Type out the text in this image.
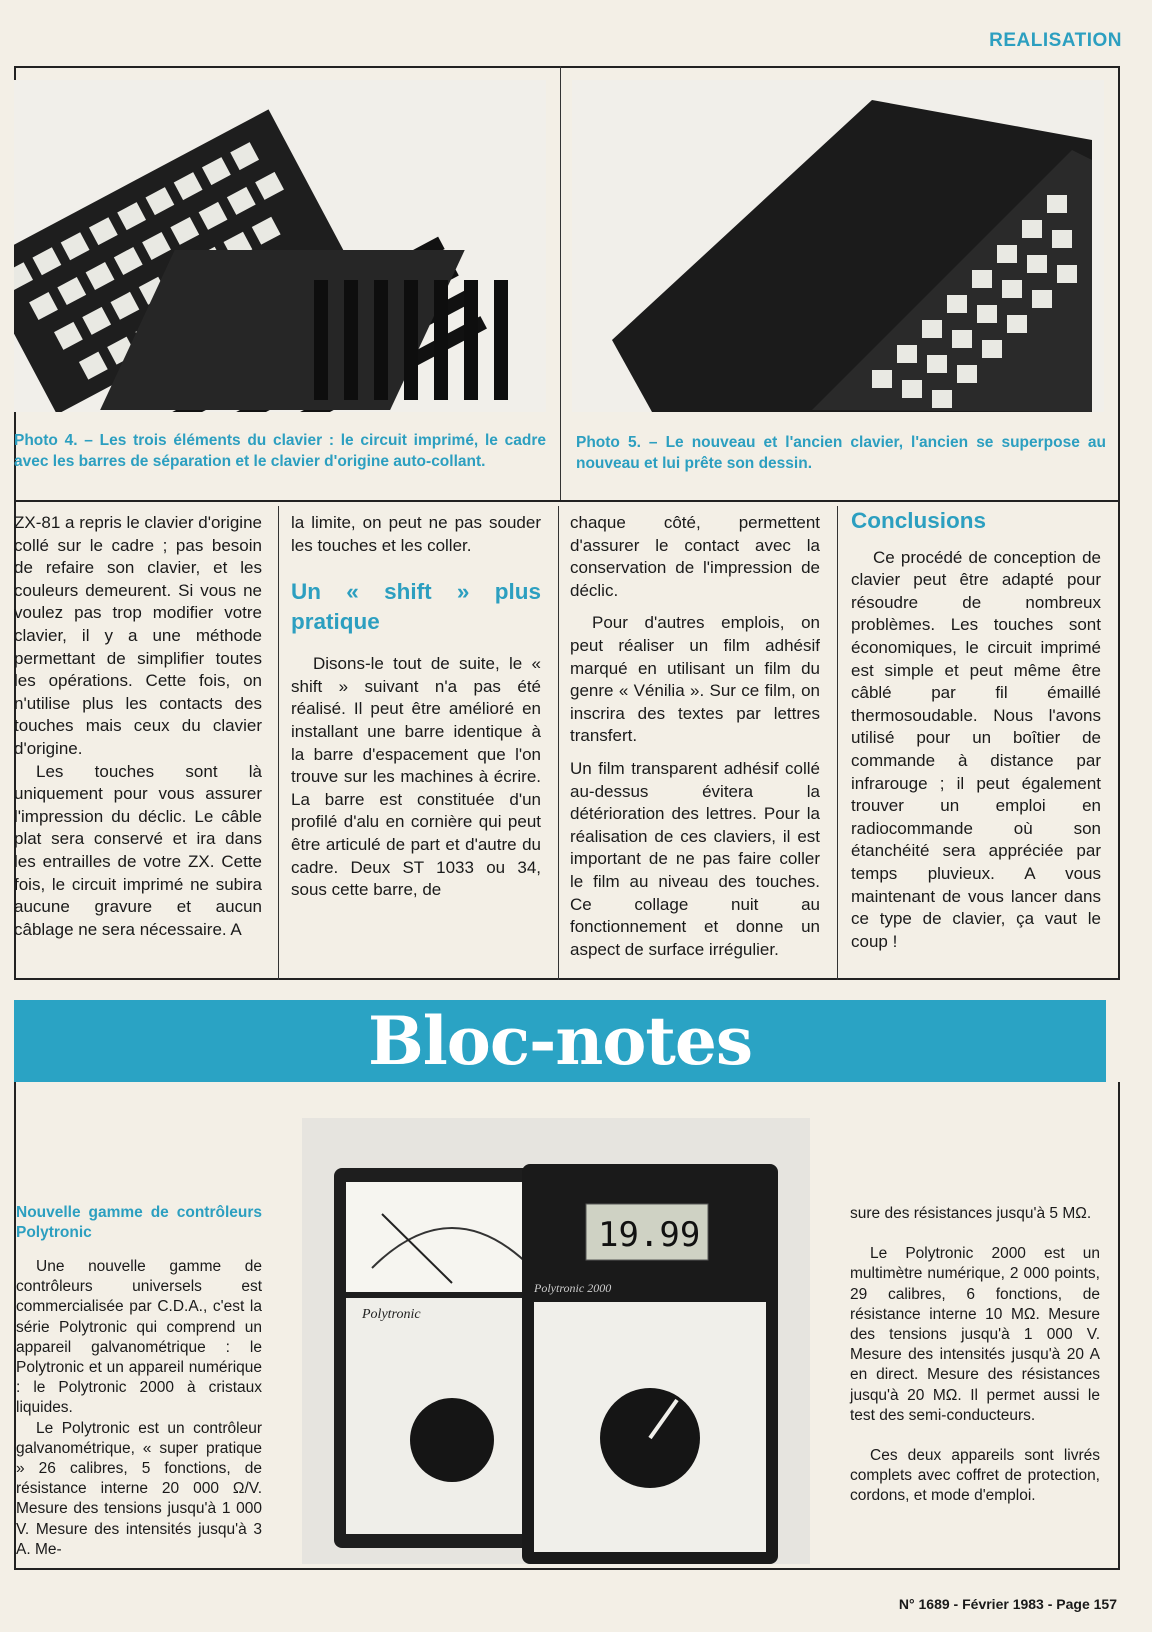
REALISATION
Photo 4. – Les trois éléments du clavier : le circuit imprimé, le cadre avec les barres de séparation et le clavier d'origine auto-collant.
Photo 5. – Le nouveau et l'ancien clavier, l'ancien se superpose au nouveau et lui prête son dessin.

ZX-81 a repris le clavier d'origine collé sur le cadre ; pas besoin de refaire son clavier, et les couleurs demeurent. Si vous ne voulez pas trop modifier votre clavier, il y a une méthode permettant de simplifier toutes les opérations. Cette fois, on n'utilise plus les contacts des touches mais ceux du clavier d'origine.

Les touches sont là uniquement pour vous assurer l'impression du déclic. Le câble plat sera conservé et ira dans les entrailles de votre ZX. Cette fois, le circuit imprimé ne subira aucune gravure et aucun câblage ne sera nécessaire. A

la limite, on peut ne pas souder les touches et les coller.

Un « shift » plus pratique

Disons-le tout de suite, le « shift » suivant n'a pas été réalisé. Il peut être amélioré en installant une barre identique à la barre d'espacement que l'on trouve sur les machines à écrire. La barre est constituée d'un profilé d'alu en cornière qui peut être articulé de part et d'autre du cadre. Deux ST 1033 ou 34, sous cette barre, de

chaque côté, permettent d'assurer le contact avec la conservation de l'impression de déclic.

Pour d'autres emplois, on peut réaliser un film adhésif marqué en utilisant un film du genre « Vénilia ». Sur ce film, on inscrira des textes par lettres transfert.

Un film transparent adhésif collé au-dessus évitera la détérioration des lettres. Pour la réalisation de ces claviers, il est important de ne pas faire coller le film au niveau des touches. Ce collage nuit au fonctionnement et donne un aspect de surface irrégulier.

Conclusions

Ce procédé de conception de clavier peut être adapté pour résoudre de nombreux problèmes. Les touches sont économiques, le circuit imprimé est simple et peut même être câblé par fil émaillé thermosoudable. Nous l'avons utilisé pour un boîtier de commande à distance par infrarouge ; il peut également trouver un emploi en radiocommande où son étanchéité sera appréciée par temps pluvieux. A vous maintenant de vous lancer dans ce type de clavier, ça vaut le coup !

Bloc-notes
Nouvelle gamme de contrôleurs Polytronic

Une nouvelle gamme de contrôleurs universels est commercialisée par C.D.A., c'est la série Polytronic qui comprend un appareil galvanométrique : le Polytronic et un appareil numérique : le Polytronic 2000 à cristaux liquides.

Le Polytronic est un contrôleur galvanométrique, « super pratique » 26 calibres, 5 fonctions, de résistance interne 20 000 Ω/V. Mesure des tensions jusqu'à 1 000 V. Mesure des intensités jusqu'à 3 A. Me-

Polytronic
19.99
Polytronic 2000

sure des résistances jusqu'à 5 MΩ.

Le Polytronic 2000 est un multimètre numérique, 2 000 points, 29 calibres, 6 fonctions, de résistance interne 10 MΩ. Mesure des tensions jusqu'à 1 000 V. Mesure des intensités jusqu'à 20 A en direct. Mesure des résistances jusqu'à 20 MΩ. Il permet aussi le test des semi-conducteurs.

Ces deux appareils sont livrés complets avec coffret de protection, cordons, et mode d'emploi.

N° 1689 - Février 1983 - Page 157
